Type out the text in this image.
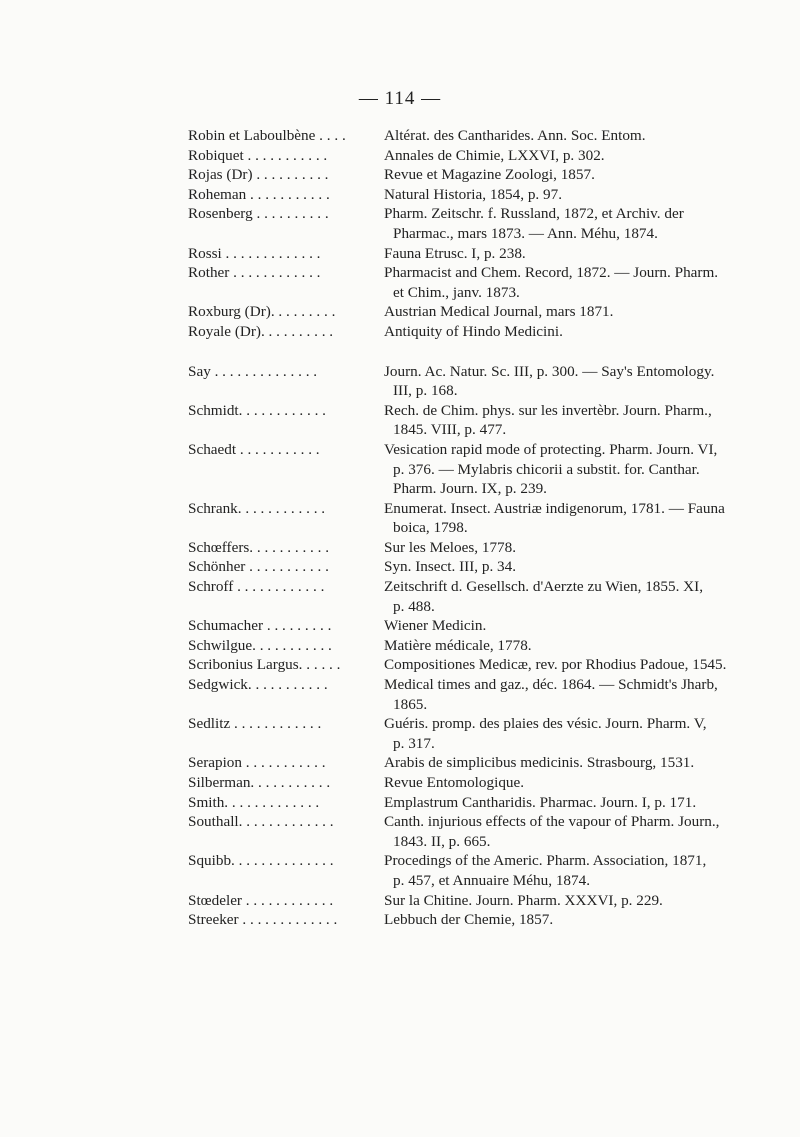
— 114 —
Robin et Laboulbène . . . .	Altérat. des Cantharides. Ann. Soc. Entom.
Robiquet . . . . . . . . . . .	Annales de Chimie, LXXVI, p. 302.
Rojas (Dr) . . . . . . . . . .	Revue et Magazine Zoologi, 1857.
Roheman . . . . . . . . . . .	Natural Historia, 1854, p. 97.
Rosenberg . . . . . . . . . .	Pharm. Zeitschr. f. Russland, 1872, et Archiv. der
Pharmac., mars 1873. — Ann. Méhu, 1874.
Rossi . . . . . . . . . . . . .	Fauna Etrusc. I, p. 238.
Rother . . . . . . . . . . . .	Pharmacist and Chem. Record, 1872. — Journ. Pharm.
et Chim., janv. 1873.
Roxburg (Dr). . . . . . . . .	Austrian Medical Journal, mars 1871.
Royale (Dr). . . . . . . . . .	Antiquity of Hindo Medicini.
Say . . . . . . . . . . . . . .	Journ. Ac. Natur. Sc. III, p. 300. — Say's Entomology.
III, p. 168.
Schmidt. . . . . . . . . . . .	Rech. de Chim. phys. sur les invertèbr. Journ. Pharm.,
1845. VIII, p. 477.
Schaedt . . . . . . . . . . .	Vesication rapid mode of protecting. Pharm. Journ. VI,
p. 376. — Mylabris chicorii a substit. for. Canthar.
Pharm. Journ. IX, p. 239.
Schrank. . . . . . . . . . . .	Enumerat. Insect. Austriæ indigenorum, 1781. — Fauna
boica, 1798.
Schœffers. . . . . . . . . . .	Sur les Meloes, 1778.
Schönher . . . . . . . . . . .	Syn. Insect. III, p. 34.
Schroff . . . . . . . . . . . .	Zeitschrift d. Gesellsch. d'Aerzte zu Wien, 1855. XI,
p. 488.
Schumacher . . . . . . . . .	Wiener Medicin.
Schwilgue. . . . . . . . . . .	Matière médicale, 1778.
Scribonius Largus. . . . . .	Compositiones Medicæ, rev. por Rhodius Padoue, 1545.
Sedgwick. . . . . . . . . . .	Medical times and gaz., déc. 1864. — Schmidt's Jharb,
1865.
Sedlitz . . . . . . . . . . . .	Guéris. promp. des plaies des vésic. Journ. Pharm. V,
p. 317.
Serapion . . . . . . . . . . .	Arabis de simplicibus medicinis. Strasbourg, 1531.
Silberman. . . . . . . . . . .	Revue Entomologique.
Smith. . . . . . . . . . . . .	Emplastrum Cantharidis. Pharmac. Journ. I, p. 171.
Southall. . . . . . . . . . . . .	Canth. injurious effects of the vapour of Pharm. Journ.,
1843. II, p. 665.
Squibb. . . . . . . . . . . . . .	Procedings of the Americ. Pharm. Association, 1871,
p. 457, et Annuaire Méhu, 1874.
Stœdeler . . . . . . . . . . . .	Sur la Chitine. Journ. Pharm. XXXVI, p. 229.
Streeker . . . . . . . . . . . . .	Lebbuch der Chemie, 1857.
